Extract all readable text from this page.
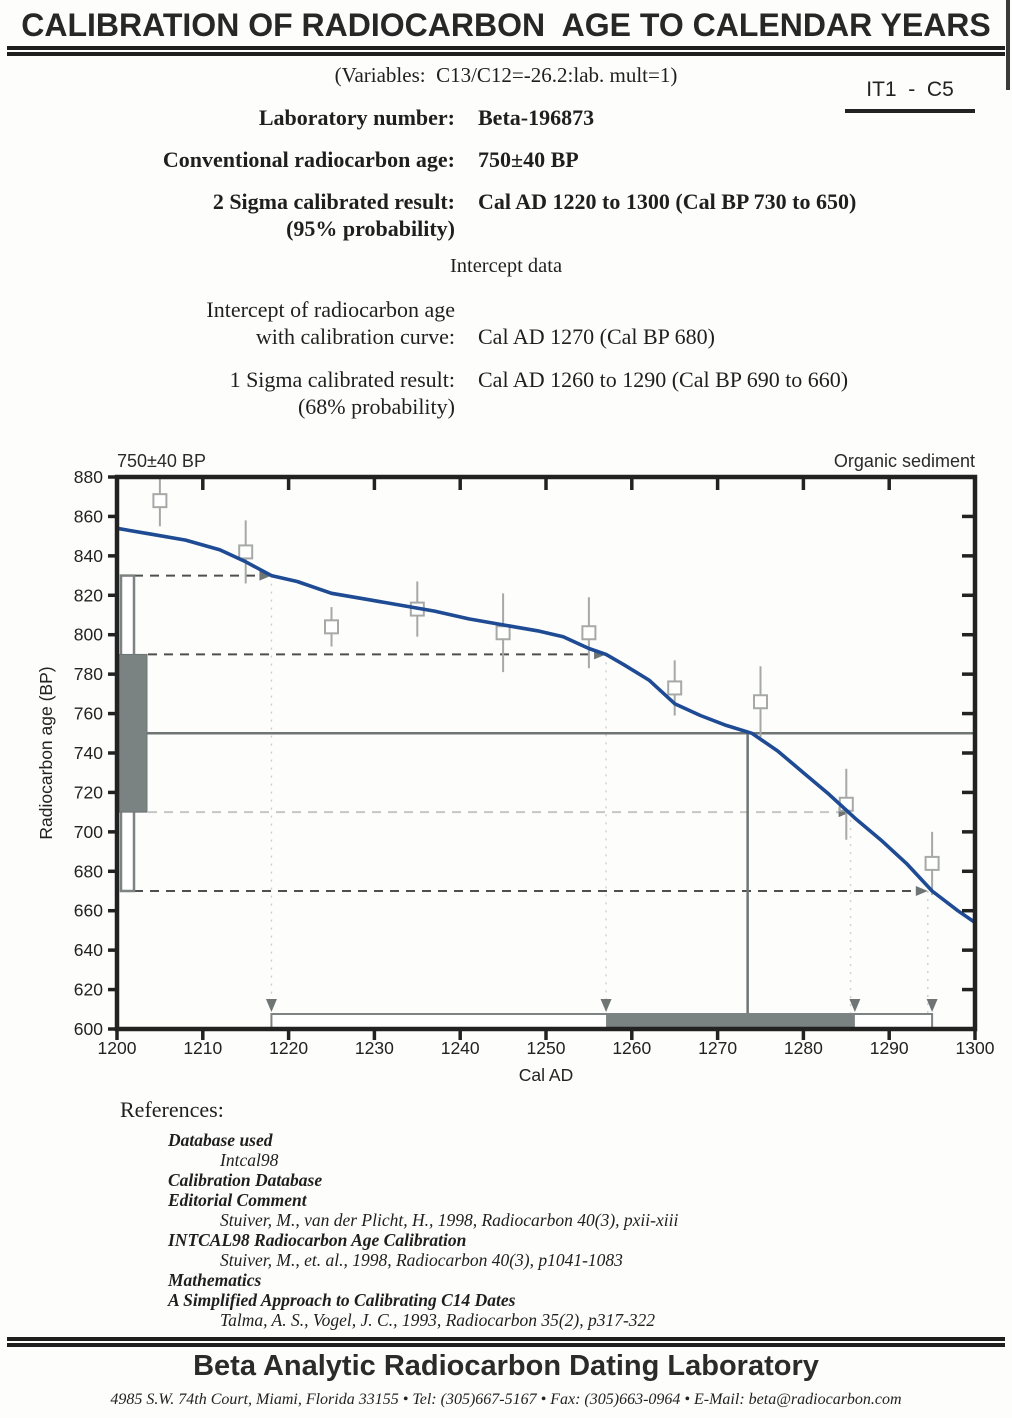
CALIBRATION OF RADIOCARBON  AGE TO CALENDAR YEARS
(Variables:  C13/C12=-26.2:lab. mult=1)
IT1  -  C5
Laboratory number: Beta-196873
Conventional radiocarbon age: 750±40 BP
2 Sigma calibrated result:
(95% probability)
Cal AD 1220 to 1300 (Cal BP 730 to 650)
Intercept data
Intercept of radiocarbon age
with calibration curve: Cal AD 1270 (Cal BP 680)
1 Sigma calibrated result:
(68% probability)
Cal AD 1260 to 1290 (Cal BP 690 to 660)
1200	1210	1220	1230	1240	1250	1260	1270	1280	1290	1300
600
620
640
660
680
700
720
740
760
780
800
820
840
860
880
750±40 BP	Organic sediment
Cal AD
Radiocarbon age (BP)
References:
Database used
Intcal98
Calibration Database
Editorial Comment
Stuiver, M., van der Plicht, H., 1998, Radiocarbon 40(3), pxii-xiii
INTCAL98 Radiocarbon Age Calibration
Stuiver, M., et. al., 1998, Radiocarbon 40(3), p1041-1083
Mathematics
A Simplified Approach to Calibrating C14 Dates
Talma, A. S., Vogel, J. C., 1993, Radiocarbon 35(2), p317-322
Beta Analytic Radiocarbon Dating Laboratory
4985 S.W. 74th Court, Miami, Florida 33155 • Tel: (305)667-5167 • Fax: (305)663-0964 • E-Mail: beta@radiocarbon.com
